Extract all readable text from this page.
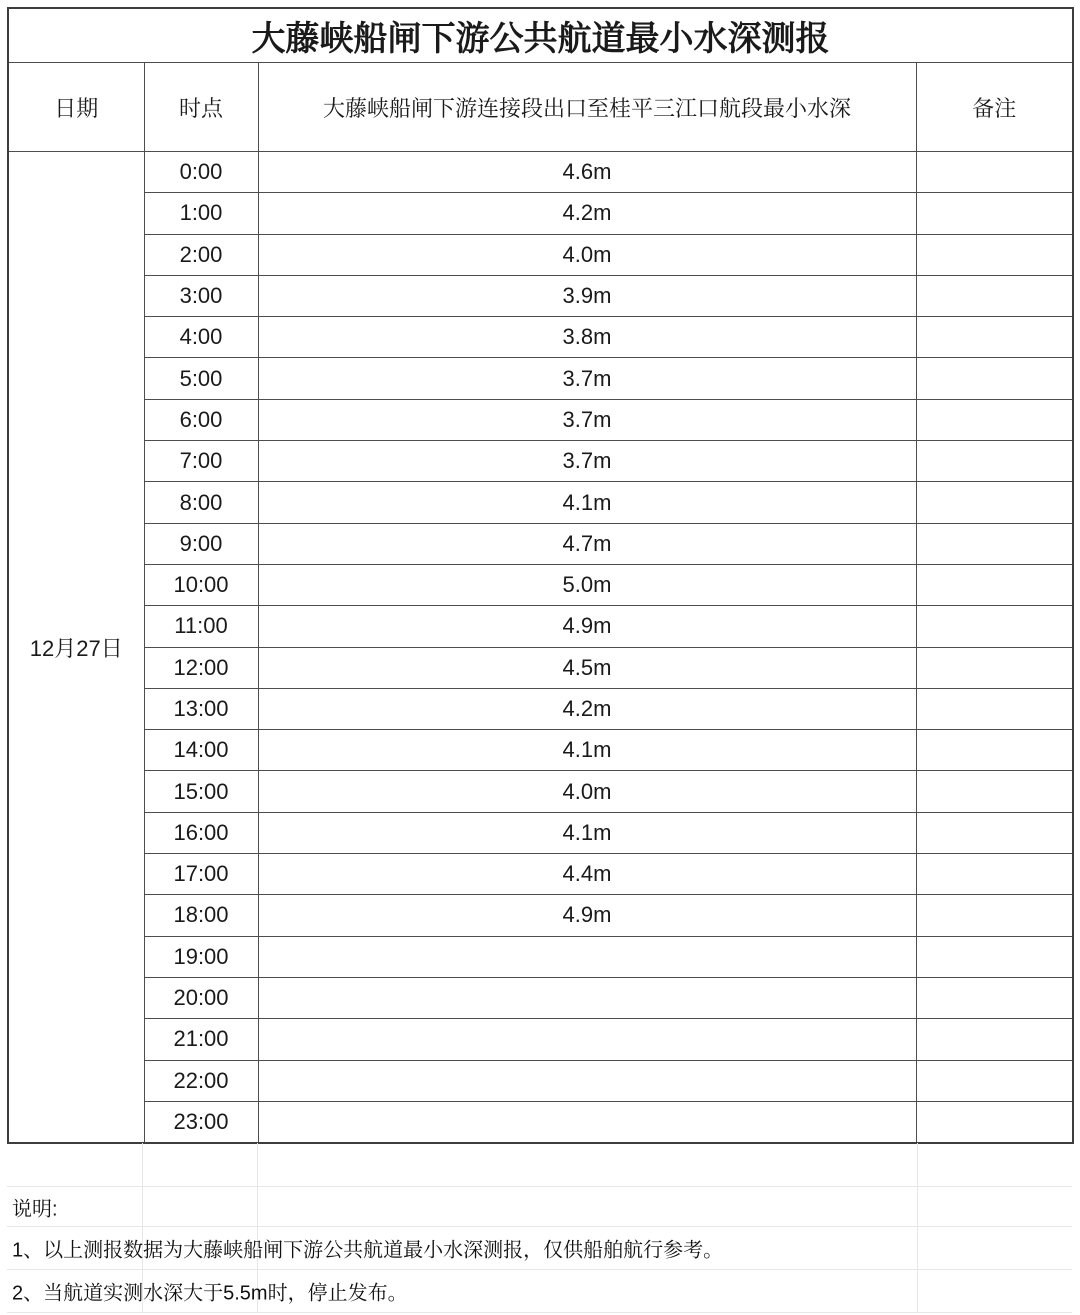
大藤峡船闸下游公共航道最小水深测报			
日期	时点	大藤峡船闸下游连接段出口至桂平三江口航段最小水深	备注
12月27日	0:00	4.6m	
	1:00	4.2m	
	2:00	4.0m	
	3:00	3.9m	
	4:00	3.8m	
	5:00	3.7m	
	6:00	3.7m	
	7:00	3.7m	
	8:00	4.1m	
	9:00	4.7m	
	10:00	5.0m	
	11:00	4.9m	
	12:00	4.5m	
	13:00	4.2m	
	14:00	4.1m	
	15:00	4.0m	
	16:00	4.1m	
	17:00	4.4m	
	18:00	4.9m	
	19:00		
	20:00		
	21:00		
	22:00		
	23:00		
说明:
1、以上测报数据为大藤峡船闸下游公共航道最小水深测报，仅供船舶航行参考。
2、当航道实测水深大于5.5m时，停止发布。
